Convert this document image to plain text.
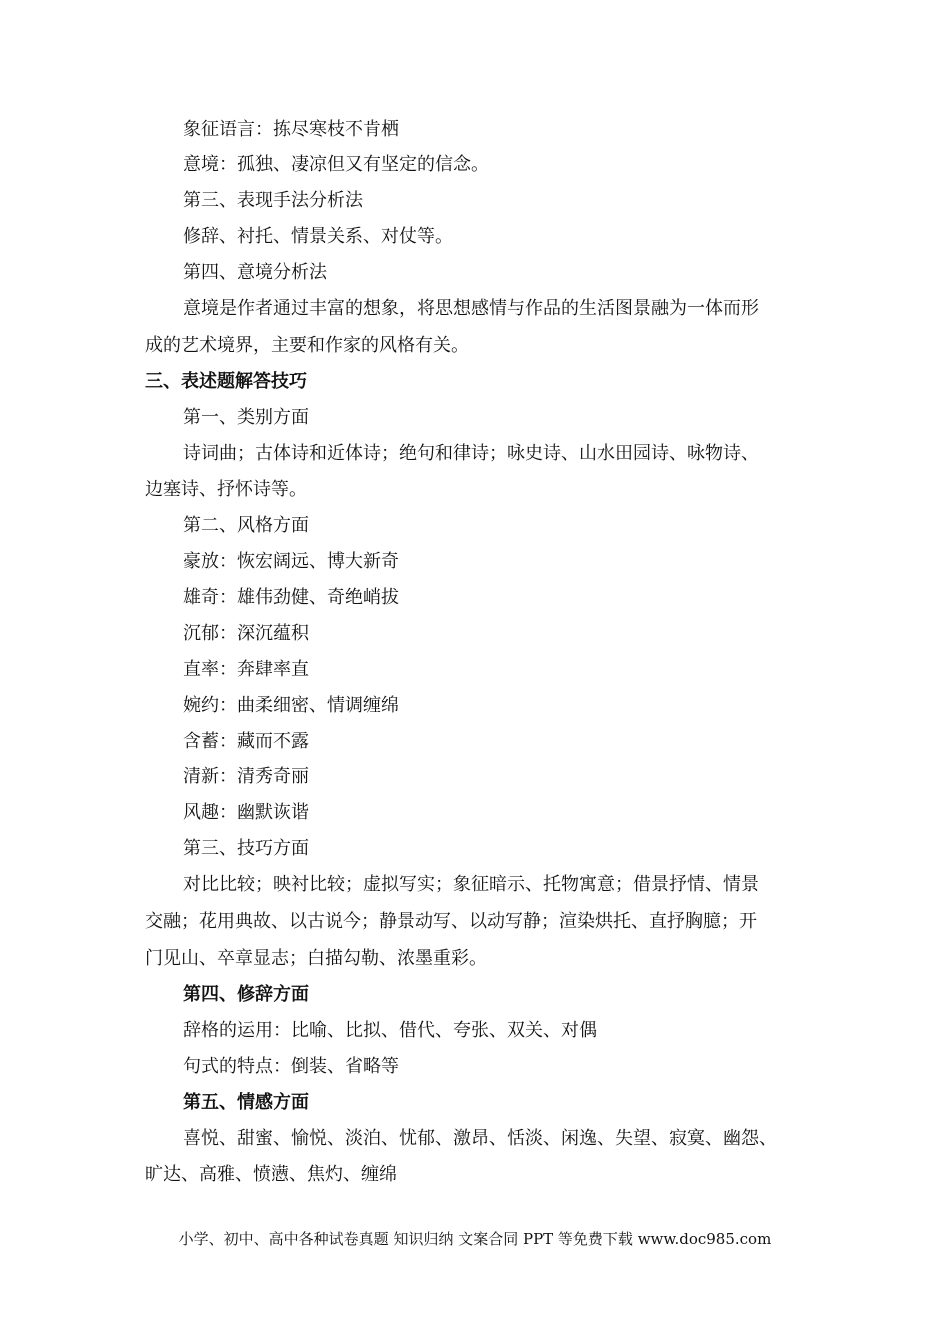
象征语言：拣尽寒枝不肯栖
意境：孤独、凄凉但又有坚定的信念。
第三、表现手法分析法
修辞、衬托、情景关系、对仗等。
第四、意境分析法
意境是作者通过丰富的想象，将思想感情与作品的生活图景融为一体而形
成的艺术境界，主要和作家的风格有关。
三、表述题解答技巧
第一、类别方面
诗词曲；古体诗和近体诗；绝句和律诗；咏史诗、山水田园诗、咏物诗、
边塞诗、抒怀诗等。
第二、风格方面
豪放：恢宏阔远、博大新奇
雄奇：雄伟劲健、奇绝峭拔
沉郁：深沉蕴积
直率：奔肆率直
婉约：曲柔细密、情调缠绵
含蓄：藏而不露
清新：清秀奇丽
风趣：幽默诙谐
第三、技巧方面
对比比较；映衬比较；虚拟写实；象征暗示、托物寓意；借景抒情、情景
交融；花用典故、以古说今；静景动写、以动写静；渲染烘托、直抒胸臆；开
门见山、卒章显志；白描勾勒、浓墨重彩。
第四、修辞方面
辞格的运用：比喻、比拟、借代、夸张、双关、对偶
句式的特点：倒装、省略等
第五、情感方面
喜悦、甜蜜、愉悦、淡泊、忧郁、激昂、恬淡、闲逸、失望、寂寞、幽怨、
旷达、高雅、愤懑、焦灼、缠绵
小学、初中、高中各种试卷真题 知识归纳 文案合同 PPT 等免费下载 www.doc985.com
